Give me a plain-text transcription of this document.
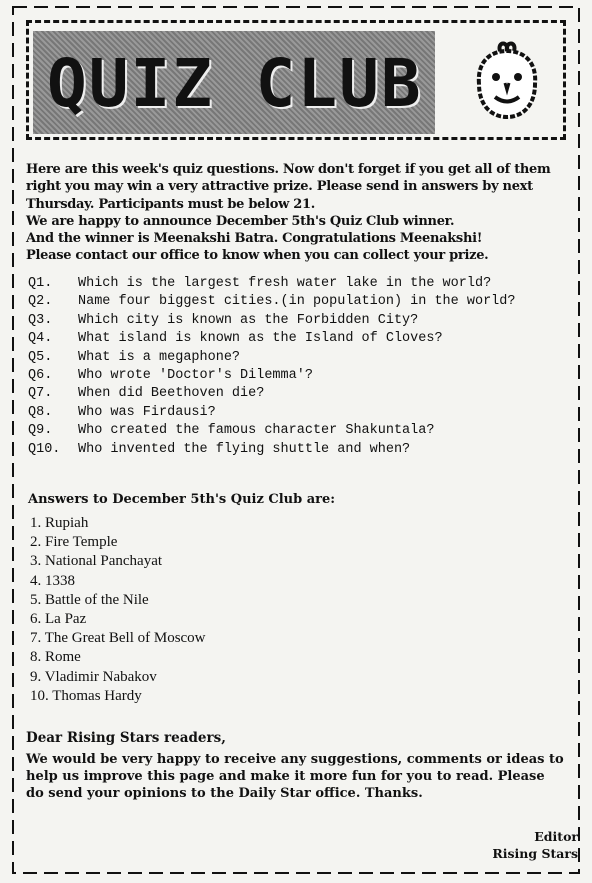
QUIZ CLUB
Here are this week's quiz questions. Now don't forget if you get all of them right you may win a very attractive prize. Please send in answers by next Thursday. Participants must be below 21.
We are happy to announce December 5th's Quiz Club winner.
And the winner is Meenakshi Batra. Congratulations Meenakshi!
Please contact our office to know when you can collect your prize.
Q1.	Which is the largest fresh water lake in the world?
Q2.	Name four biggest cities.(in population) in the world?
Q3.	Which city is known as the Forbidden City?
Q4.	What island is known as the Island of Cloves?
Q5.	What is a megaphone?
Q6.	Who wrote 'Doctor's Dilemma'?
Q7.	When did Beethoven die?
Q8.	Who was Firdausi?
Q9.	Who created the famous character Shakuntala?
Q10.	Who invented the flying shuttle and when?
Answers to December 5th's Quiz Club are:
1. Rupiah
2. Fire Temple
3. National Panchayat
4. 1338
5. Battle of the Nile
6. La Paz
7. The Great Bell of Moscow
8. Rome
9. Vladimir Nabakov
10. Thomas Hardy
Dear Rising Stars readers,
We would be very happy to receive any suggestions, comments or ideas to help us improve this page and make it more fun for you to read. Please do send your opinions to the Daily Star office. Thanks.
Editor
Rising Stars
